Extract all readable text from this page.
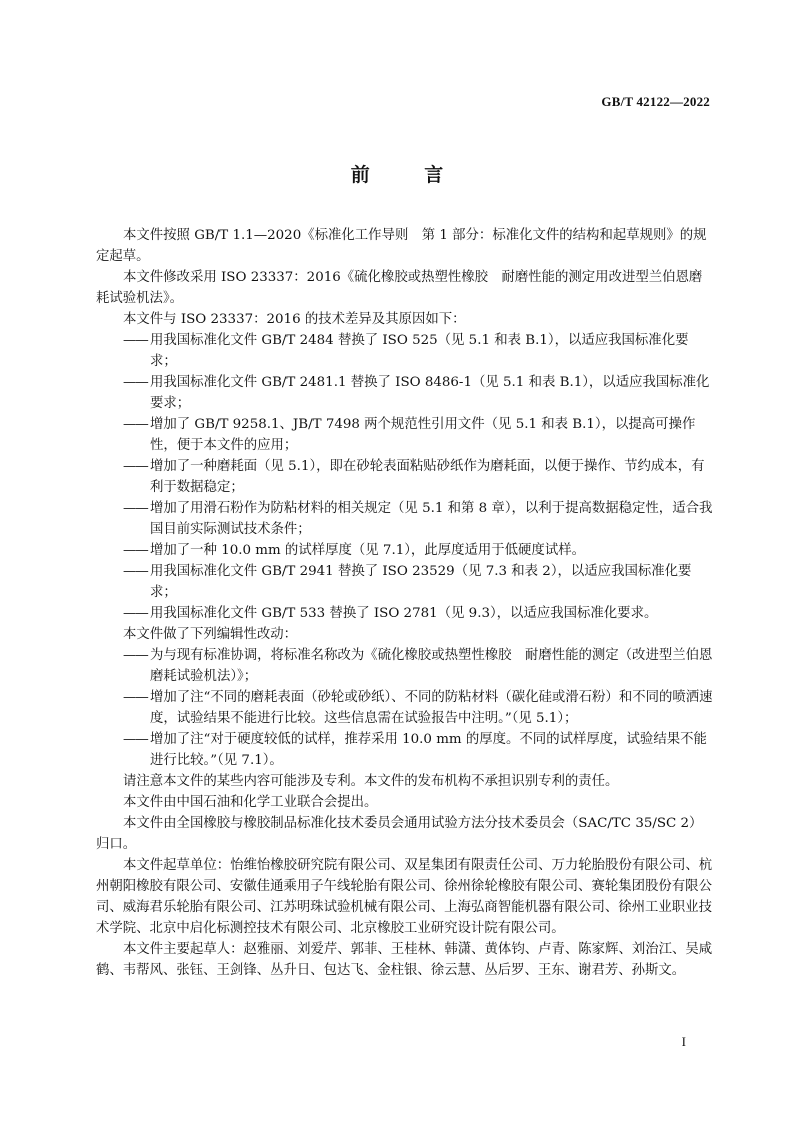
GB/T 42122—2022
前 言

本文件按照 GB/T 1.1—2020《标准化工作导则　第 1 部分：标准化文件的结构和起草规则》的规定起草。

本文件修改采用 ISO 23337：2016《硫化橡胶或热塑性橡胶　耐磨性能的测定用改进型兰伯恩磨耗试验机法》。

本文件与 ISO 23337：2016 的技术差异及其原因如下：

—— 用我国标准化文件 GB/T 2484 替换了 ISO 525（见 5.1 和表 B.1），以适应我国标准化要求；

—— 用我国标准化文件 GB/T 2481.1 替换了 ISO 8486-1（见 5.1 和表 B.1），以适应我国标准化要求；

—— 增加了 GB/T 9258.1、JB/T 7498 两个规范性引用文件（见 5.1 和表 B.1），以提高可操作性，便于本文件的应用；

—— 增加了一种磨耗面（见 5.1），即在砂轮表面粘贴砂纸作为磨耗面，以便于操作、节约成本，有利于数据稳定；

—— 增加了用滑石粉作为防粘材料的相关规定（见 5.1 和第 8 章），以利于提高数据稳定性，适合我国目前实际测试技术条件；

—— 增加了一种 10.0 mm 的试样厚度（见 7.1），此厚度适用于低硬度试样。

—— 用我国标准化文件 GB/T 2941 替换了 ISO 23529（见 7.3 和表 2），以适应我国标准化要求；

—— 用我国标准化文件 GB/T 533 替换了 ISO 2781（见 9.3），以适应我国标准化要求。

本文件做了下列编辑性改动：

—— 为与现有标准协调，将标准名称改为《硫化橡胶或热塑性橡胶　耐磨性能的测定（改进型兰伯恩磨耗试验机法）》；

—— 增加了注“不同的磨耗表面（砂轮或砂纸）、不同的防粘材料（碳化硅或滑石粉）和不同的喷洒速度，试验结果不能进行比较。这些信息需在试验报告中注明。”（见 5.1）；

—— 增加了注“对于硬度较低的试样，推荐采用 10.0 mm 的厚度。不同的试样厚度，试验结果不能进行比较。”（见 7.1）。

请注意本文件的某些内容可能涉及专利。本文件的发布机构不承担识别专利的责任。

本文件由中国石油和化学工业联合会提出。

本文件由全国橡胶与橡胶制品标准化技术委员会通用试验方法分技术委员会（SAC/TC 35/SC 2）归口。

本文件起草单位：怡维怡橡胶研究院有限公司、双星集团有限责任公司、万力轮胎股份有限公司、杭州朝阳橡胶有限公司、安徽佳通乘用子午线轮胎有限公司、徐州徐轮橡胶有限公司、赛轮集团股份有限公司、威海君乐轮胎有限公司、江苏明珠试验机械有限公司、上海弘商智能机器有限公司、徐州工业职业技术学院、北京中启化标测控技术有限公司、北京橡胶工业研究设计院有限公司。

本文件主要起草人：赵雅丽、刘爱芹、郭菲、王桂林、韩潇、黄体钧、卢青、陈家辉、刘治江、吴咸鹤、韦帮风、张钰、王剑锋、丛升日、包达飞、金柱银、徐云慧、丛后罗、王东、谢君芳、孙斯文。

I
